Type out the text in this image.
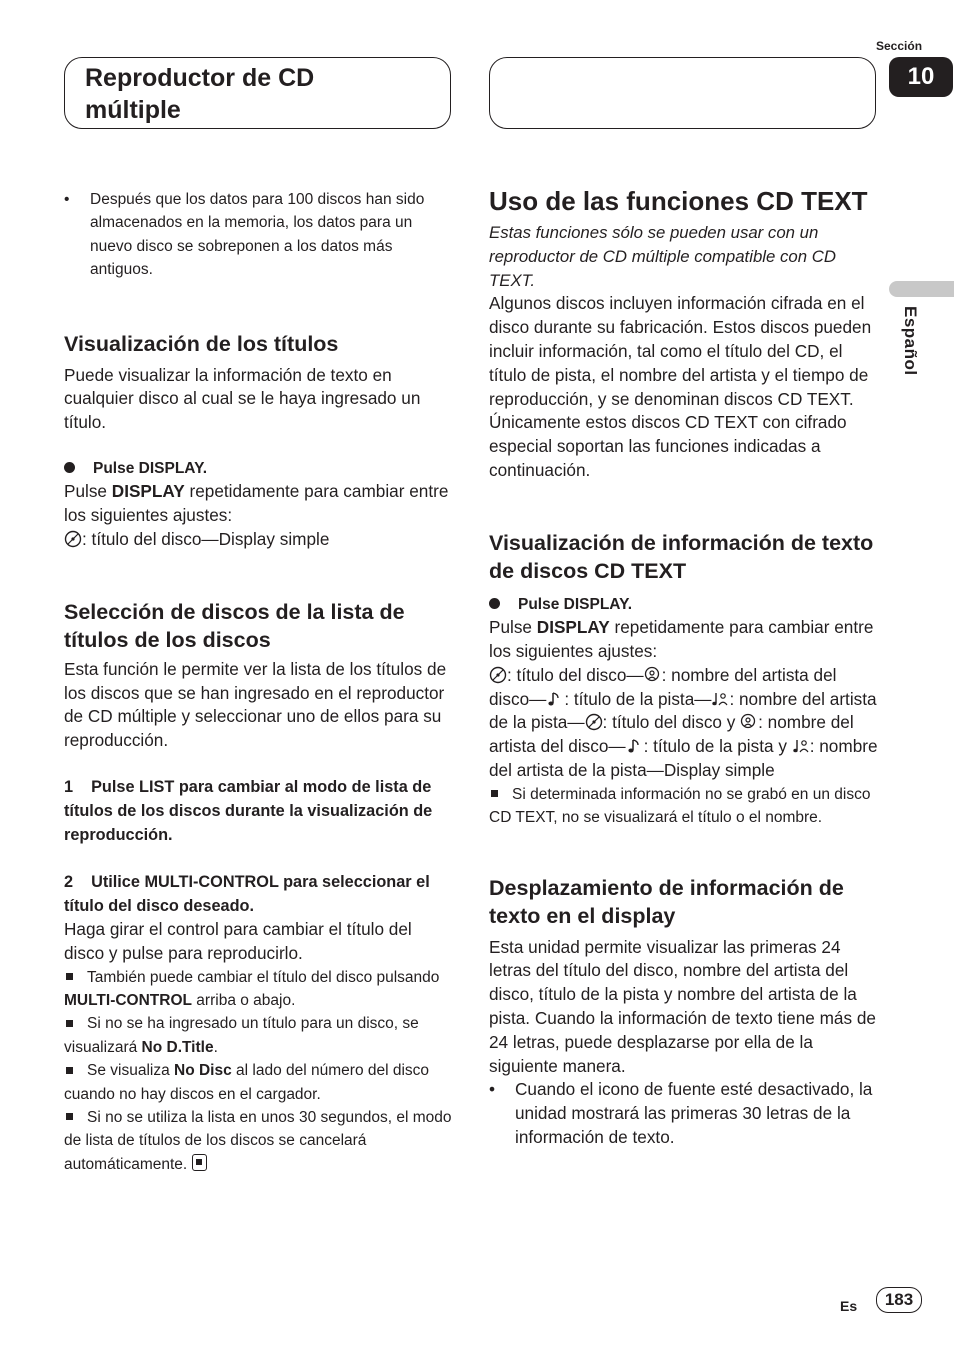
Reproductor de CD
múltiple
Sección
10
Español

• Después que los datos para 100 discos han sido almacenados en la memoria, los datos para un nuevo disco se sobreponen a los datos más antiguos.

Visualización de los títulos

Puede visualizar la información de texto en cualquier disco al cual se le haya ingresado un título.

Pulse DISPLAY.

Pulse DISPLAY repetidamente para cambiar entre los siguientes ajustes:

: título del disco—Display simple

Selección de discos de la lista de títulos de los discos

Esta función le permite ver la lista de los títulos de los discos que se han ingresado en el reproductor de CD múltiple y seleccionar uno de ellos para su reproducción.

1 Pulse LIST para cambiar al modo de lista de títulos de los discos durante la visualización de reproducción.

2 Utilice MULTI-CONTROL para seleccionar el título del disco deseado.

Haga girar el control para cambiar el título del disco y pulse para reproducirlo.

También puede cambiar el título del disco pulsando MULTI-CONTROL arriba o abajo.

Si no se ha ingresado un título para un disco, se visualizará No D.Title.

Se visualiza No Disc al lado del número del disco cuando no hay discos en el cargador.

Si no se utiliza la lista en unos 30 segundos, el modo de lista de títulos de los discos se cancelará automáticamente.

Uso de las funciones CD TEXT

Estas funciones sólo se pueden usar con un reproductor de CD múltiple compatible con CD TEXT.

Algunos discos incluyen información cifrada en el disco durante su fabricación. Estos discos pueden incluir información, tal como el título del CD, el título de pista, el nombre del artista y el tiempo de reproducción, y se denominan discos CD TEXT. Únicamente estos discos CD TEXT con cifrado especial soportan las funciones indicadas a continuación.

Visualización de información de texto de discos CD TEXT

Pulse DISPLAY.

Pulse DISPLAY repetidamente para cambiar entre los siguientes ajustes:

: título del disco— : nombre del artista del disco— : título de la pista— : nombre del artista de la pista— : título del disco y : nombre del artista del disco— : título de la pista y : nombre del artista de la pista—Display simple

Si determinada información no se grabó en un disco CD TEXT, no se visualizará el título o el nombre.

Desplazamiento de información de texto en el display

Esta unidad permite visualizar las primeras 24 letras del título del disco, nombre del artista del disco, título de la pista y nombre del artista de la pista. Cuando la información de texto tiene más de 24 letras, puede desplazarse por ella de la siguiente manera.

• Cuando el icono de fuente esté desactivado, la unidad mostrará las primeras 30 letras de la información de texto.

Es	183
